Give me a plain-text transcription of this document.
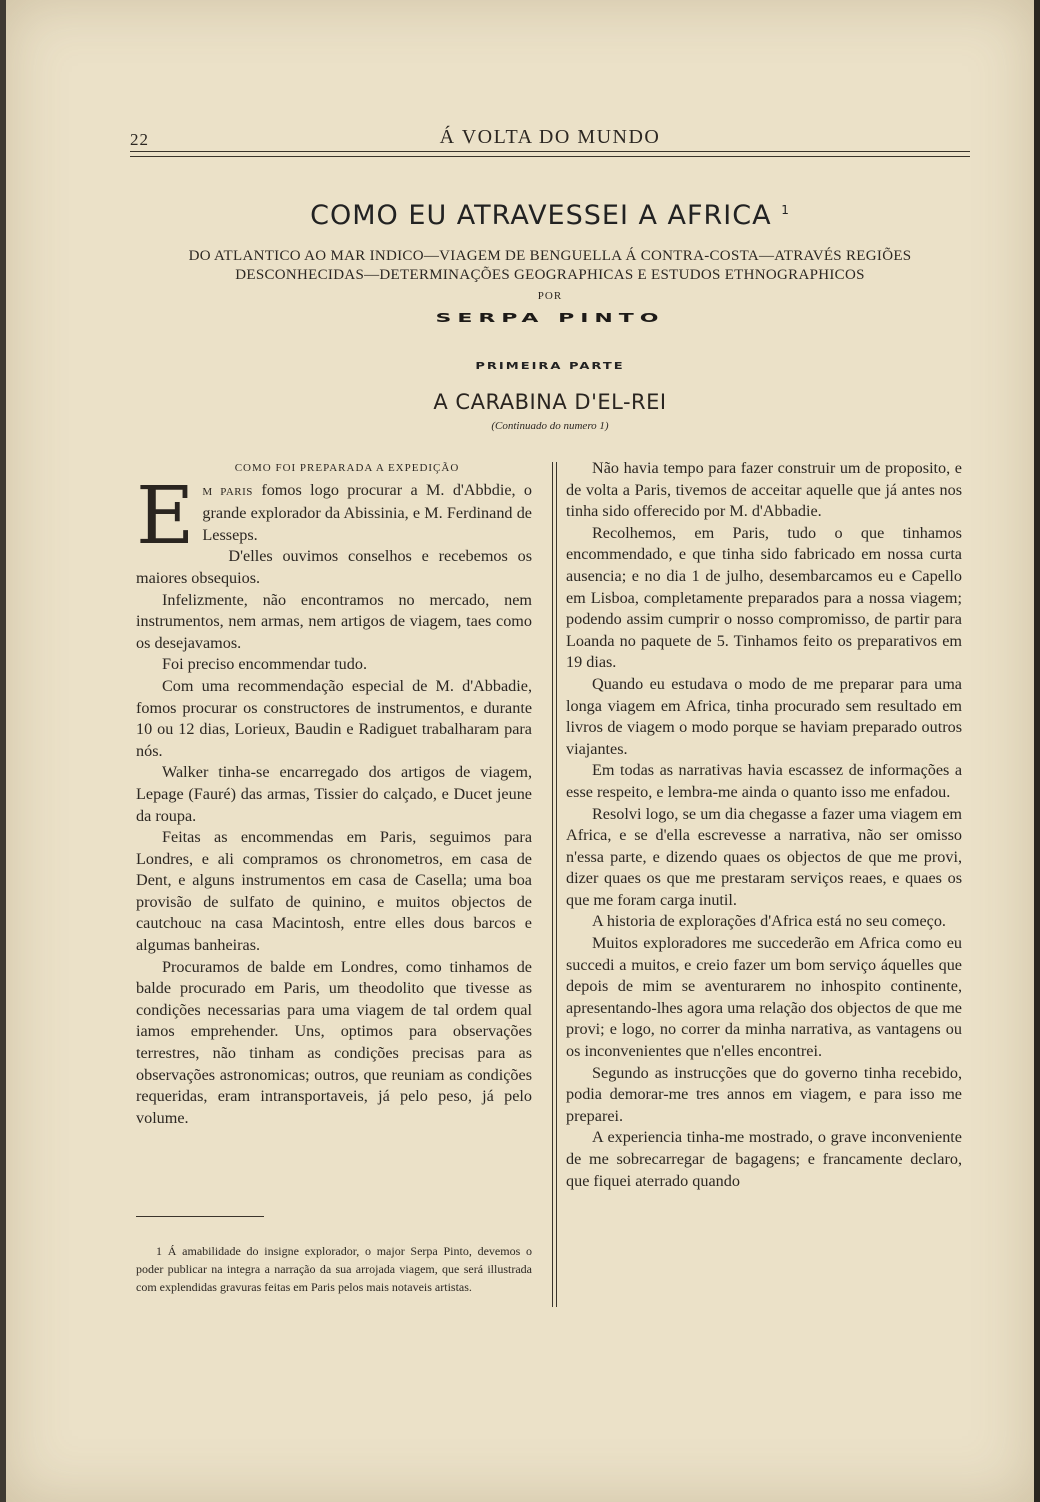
22	Á VOLTA DO MUNDO
COMO EU ATRAVESSEI A AFRICA $^1$
DO ATLANTICO AO MAR INDICO—VIAGEM DE BENGUELLA Á CONTRA-COSTA—ATRAVÉS REGIÕES
DESCONHECIDAS—DETERMINAÇÕES GEOGRAPHICAS E ESTUDOS ETHNOGRAPHICOS
POR
SERPA PINTO
PRIMEIRA PARTE
A CARABINA D'EL-REI
(Continuado do numero 1)

COMO FOI PREPARADA A EXPEDIÇÃO

E M PARIS fomos logo procurar a M. d'Abbdie, o grande explorador da Abissinia, e M. Ferdinand de Lesseps.

D'elles ouvimos conselhos e recebemos os maiores obsequios.

Infelizmente, não encontramos no mercado, nem instrumentos, nem armas, nem artigos de viagem, taes como os desejavamos.

Foi preciso encommendar tudo.

Com uma recommendação especial de M. d'Abbadie, fomos procurar os constructores de instrumentos, e durante 10 ou 12 dias, Lorieux, Baudin e Radiguet trabalharam para nós.

Walker tinha-se encarregado dos artigos de viagem, Lepage (Fauré) das armas, Tissier do calçado, e Ducet jeune da roupa.

Feitas as encommendas em Paris, seguimos para Londres, e ali compramos os chronometros, em casa de Dent, e alguns instrumentos em casa de Casella; uma boa provisão de sulfato de quinino, e muitos objectos de cautchouc na casa Macintosh, entre elles dous barcos e algumas banheiras.

Procuramos de balde em Londres, como tinhamos de balde procurado em Paris, um theodolito que tivesse as condições necessarias para uma viagem de tal ordem qual iamos emprehender. Uns, optimos para observações terrestres, não tinham as condições precisas para as observações astronomicas; outros, que reuniam as condições requeridas, eram intransportaveis, já pelo peso, já pelo volume.

Não havia tempo para fazer construir um de proposito, e de volta a Paris, tivemos de acceitar aquelle que já antes nos tinha sido offerecido por M. d'Abbadie.

Recolhemos, em Paris, tudo o que tinhamos encommendado, e que tinha sido fabricado em nossa curta ausencia; e no dia 1 de julho, desembarcamos eu e Capello em Lisboa, completamente preparados para a nossa viagem; podendo assim cumprir o nosso compromisso, de partir para Loanda no paquete de 5. Tinhamos feito os preparativos em 19 dias.

Quando eu estudava o modo de me preparar para uma longa viagem em Africa, tinha procurado sem resultado em livros de viagem o modo porque se haviam preparado outros viajantes.

Em todas as narrativas havia escassez de informações a esse respeito, e lembra-me ainda o quanto isso me enfadou.

Resolvi logo, se um dia chegasse a fazer uma viagem em Africa, e se d'ella escrevesse a narrativa, não ser omisso n'essa parte, e dizendo quaes os objectos de que me provi, dizer quaes os que me prestaram serviços reaes, e quaes os que me foram carga inutil.

A historia de explorações d'Africa está no seu começo.

Muitos exploradores me succederão em Africa como eu succedi a muitos, e creio fazer um bom serviço áquelles que depois de mim se aventurarem no inhospito continente, apresentando-lhes agora uma relação dos objectos de que me provi; e logo, no correr da minha narrativa, as vantagens ou os inconvenientes que n'elles encontrei.

Segundo as instrucções que do governo tinha recebido, podia demorar-me tres annos em viagem, e para isso me preparei.

A experiencia tinha-me mostrado, o grave inconveniente de me sobrecarregar de bagagens; e francamente declaro, que fiquei aterrado quando

1 Á amabilidade do insigne explorador, o major Serpa Pinto, devemos o poder publicar na integra a narração da sua arrojada viagem, que será illustrada com explendidas gravuras feitas em Paris pelos mais notaveis artistas.
